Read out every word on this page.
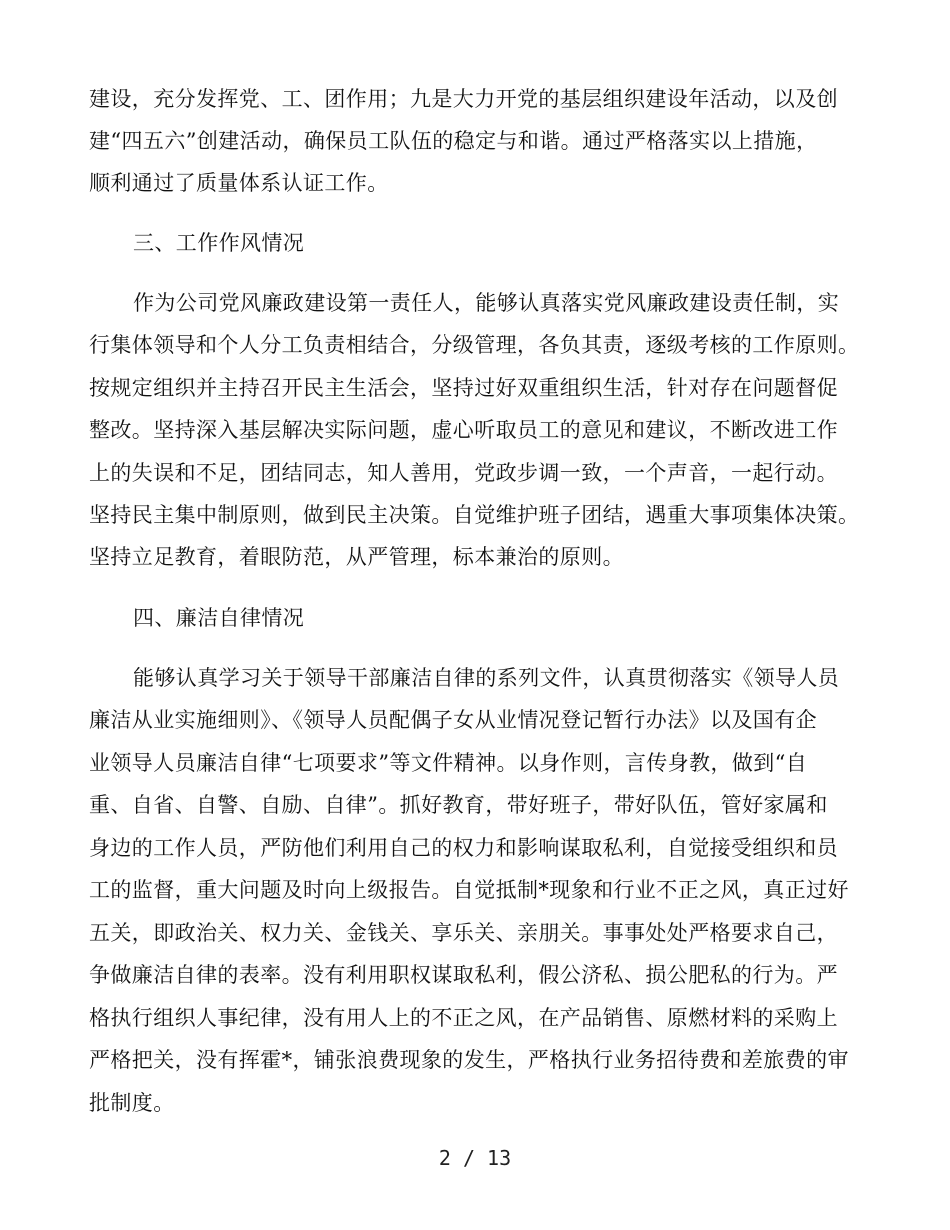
建设，充分发挥党、工、团作用；九是大力开党的基层组织建设年活动，以及创
建“四五六”创建活动，确保员工队伍的稳定与和谐。通过严格落实以上措施，
顺利通过了质量体系认证工作。
三、工作作风情况
作为公司党风廉政建设第一责任人，能够认真落实党风廉政建设责任制，实
行集体领导和个人分工负责相结合，分级管理，各负其责，逐级考核的工作原则。
按规定组织并主持召开民主生活会，坚持过好双重组织生活，针对存在问题督促
整改。坚持深入基层解决实际问题，虚心听取员工的意见和建议，不断改进工作
上的失误和不足，团结同志，知人善用，党政步调一致，一个声音，一起行动。
坚持民主集中制原则，做到民主决策。自觉维护班子团结，遇重大事项集体决策。
坚持立足教育，着眼防范，从严管理，标本兼治的原则。
四、廉洁自律情况
能够认真学习关于领导干部廉洁自律的系列文件，认真贯彻落实《领导人员
廉洁从业实施细则》、《领导人员配偶子女从业情况登记暂行办法》以及国有企
业领导人员廉洁自律“七项要求”等文件精神。以身作则，言传身教，做到“自
重、自省、自警、自励、自律”。抓好教育，带好班子，带好队伍，管好家属和
身边的工作人员，严防他们利用自己的权力和影响谋取私利，自觉接受组织和员
工的监督，重大问题及时向上级报告。自觉抵制*现象和行业不正之风，真正过好
五关，即政治关、权力关、金钱关、享乐关、亲朋关。事事处处严格要求自己，
争做廉洁自律的表率。没有利用职权谋取私利，假公济私、损公肥私的行为。严
格执行组织人事纪律，没有用人上的不正之风，在产品销售、原燃材料的采购上
严格把关，没有挥霍*，铺张浪费现象的发生，严格执行业务招待费和差旅费的审
批制度。
2 / 13
